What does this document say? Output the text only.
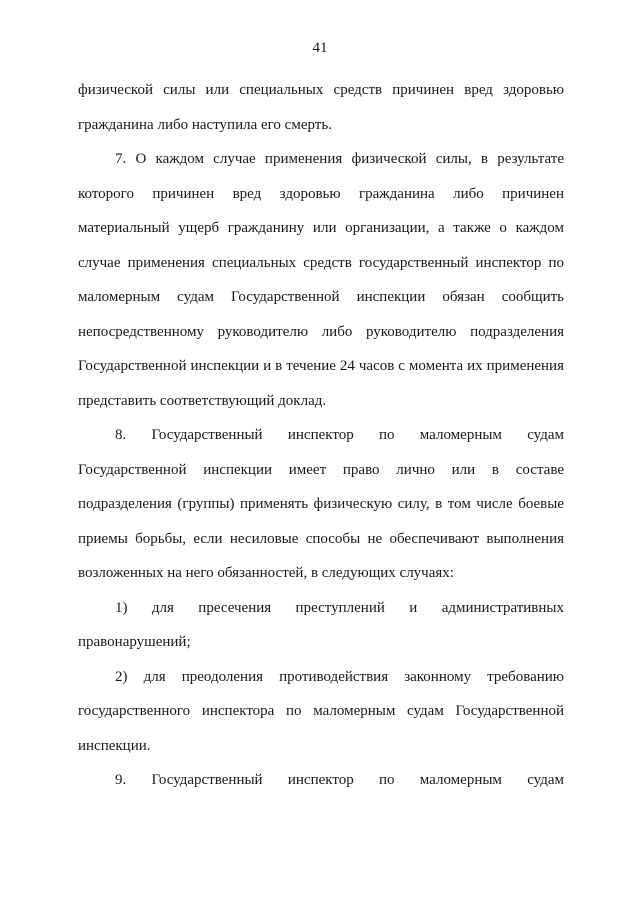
41

физической силы или специальных средств причинен вред здоровью гражданина либо наступила его смерть.

7. О каждом случае применения физической силы, в результате которого причинен вред здоровью гражданина либо причинен материальный ущерб гражданину или организации, а также о каждом случае применения специальных средств государственный инспектор по маломерным судам Государственной инспекции обязан сообщить непосредственному руководителю либо руководителю подразделения Государственной инспекции и в течение 24 часов с момента их применения представить соответствующий доклад.

8. Государственный инспектор по маломерным судам Государственной инспекции имеет право лично или в составе подразделения (группы) применять физическую силу, в том числе боевые приемы борьбы, если несиловые способы не обеспечивают выполнения возложенных на него обязанностей, в следующих случаях:

1) для пресечения преступлений и административных правонарушений;

2) для преодоления противодействия законному требованию государственного инспектора по маломерным судам Государственной инспекции.

9. Государственный инспектор по маломерным судам
